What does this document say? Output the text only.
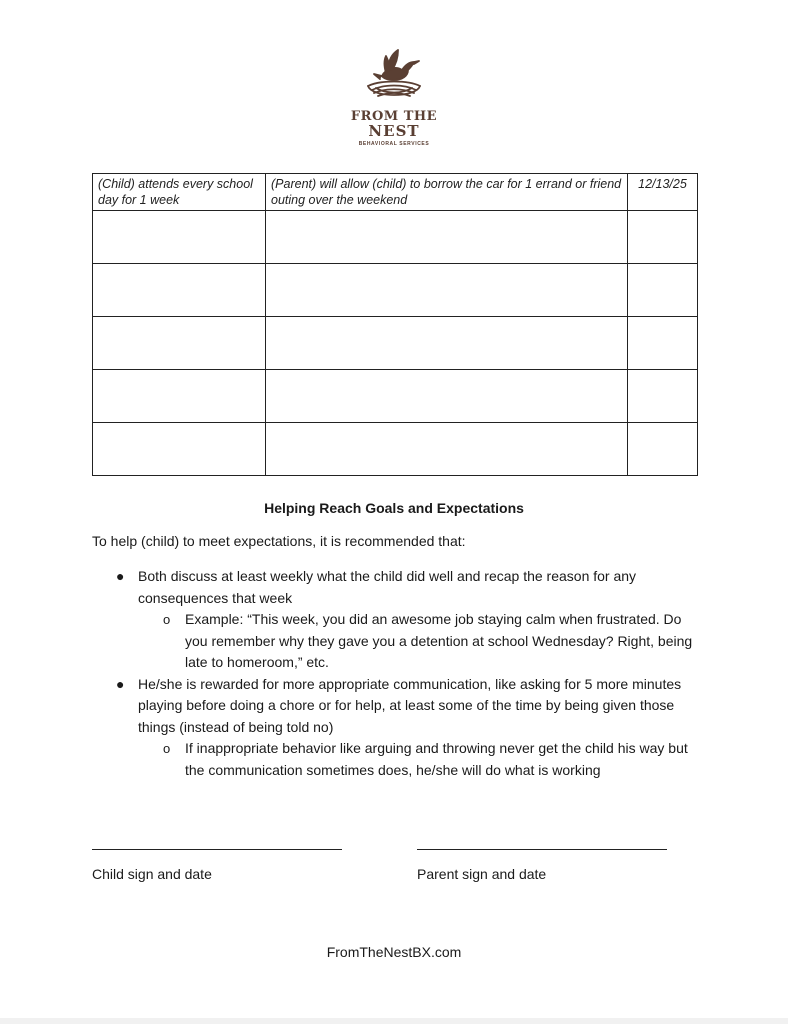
FROM THE
NEST
BEHAVIORAL SERVICES
(Child) attends every school day for 1 week	(Parent) will allow (child) to borrow the car for 1 errand or friend outing over the weekend	12/13/25

Helping Reach Goals and Expectations
To help (child) to meet expectations, it is recommended that:
● Both discuss at least weekly what the child did well and recap the reason for any consequences that week
o Example: “This week, you did an awesome job staying calm when frustrated. Do you remember why they gave you a detention at school Wednesday? Right, being late to homeroom,” etc.
● He/she is rewarded for more appropriate communication, like asking for 5 more minutes playing before doing a chore or for help, at least some of the time by being given those things (instead of being told no)
o If inappropriate behavior like arguing and throwing never get the child his way but the communication sometimes does, he/she will do what is working
Child sign and date	Parent sign and date
FromTheNestBX.com
